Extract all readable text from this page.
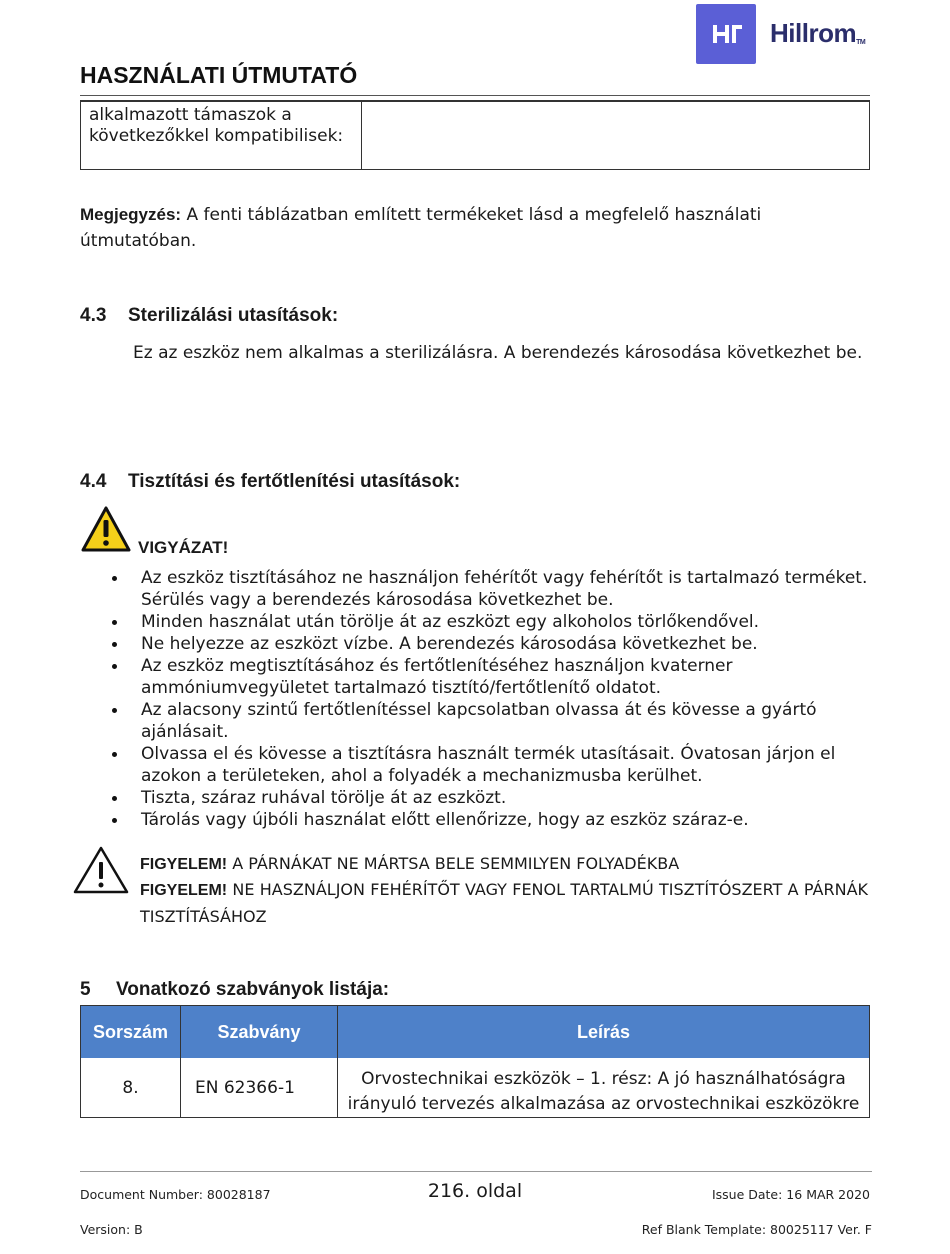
Hillrom™
HASZNÁLATI ÚTMUTATÓ
alkalmazott támaszok a következőkkel kompatibilisek:
Megjegyzés: A fenti táblázatban említett termékeket lásd a megfelelő használati útmutatóban.
4.3 Sterilizálási utasítások:
Ez az eszköz nem alkalmas a sterilizálásra. A berendezés károsodása következhet be.
4.4 Tisztítási és fertőtlenítési utasítások:
VIGYÁZAT!
Az eszköz tisztításához ne használjon fehérítőt vagy fehérítőt is tartalmazó terméket. Sérülés vagy a berendezés károsodása következhet be.
Minden használat után törölje át az eszközt egy alkoholos törlőkendővel.
Ne helyezze az eszközt vízbe. A berendezés károsodása következhet be.
Az eszköz megtisztításához és fertőtlenítéséhez használjon kvaterner ammóniumvegyületet tartalmazó tisztító/fertőtlenítő oldatot.
Az alacsony szintű fertőtlenítéssel kapcsolatban olvassa át és kövesse a gyártó ajánlásait.
Olvassa el és kövesse a tisztításra használt termék utasításait. Óvatosan járjon el azokon a területeken, ahol a folyadék a mechanizmusba kerülhet.
Tiszta, száraz ruhával törölje át az eszközt.
Tárolás vagy újbóli használat előtt ellenőrizze, hogy az eszköz száraz-e.
FIGYELEM! A PÁRNÁKAT NE MÁRTSA BELE SEMMILYEN FOLYADÉKBA
FIGYELEM! NE HASZNÁLJON FEHÉRÍTŐT VAGY FENOL TARTALMÚ TISZTÍTÓSZERT A PÁRNÁK TISZTÍTÁSÁHOZ
5 Vonatkozó szabványok listája:
Sorszám	Szabvány	Leírás
8.	EN 62366-1	Orvostechnikai eszközök – 1. rész: A jó használhatóságra irányuló tervezés alkalmazása az orvostechnikai eszközökre
Document Number: 80028187	216. oldal	Issue Date: 16 MAR 2020
Version: B	Ref Blank Template: 80025117 Ver. F
